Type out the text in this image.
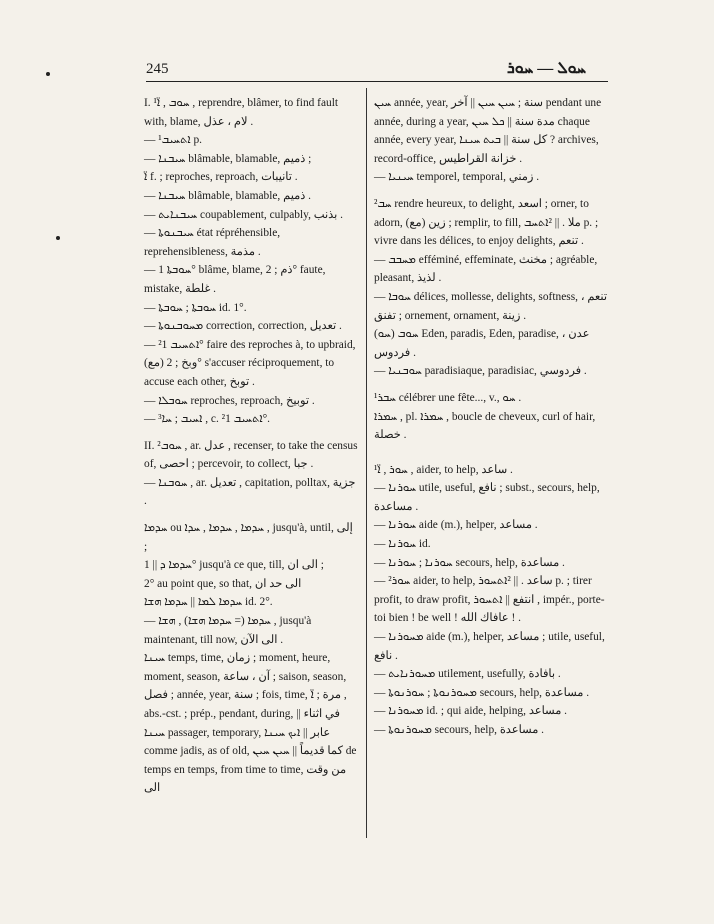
245	ܚܘܠ — ܚܘܪ

I. ¹ܚܘܒ , ܐ̈ , reprendre, blâmer, to find fault with, blame, لام ، عذل .

— ¹ܐܬܚܝܒ p.

— ܚܝܒܢܐ blâmable, blamable, ذميم ;

ܐ̈ f. ; reproches, reproach, تانيبات .

— ܚܝܒܢܐ blâmable, blamable, ذميم .

— ܚܝܒܢܐܝܬ coupablement, culpably, بذنب .

— ܚܝܒܢܘܬܐ état répréhensible, reprehensibleness, مذمة .

— ܚܘܒܬܐ 1° blâme, blame, ذم ; 2° faute, mistake, غلطة .

— ܚܘܒܬܐ ; ܚܘܒܬܐ id. 1°.

— ܡܚܘܒܢܘܬܐ correction, correction, تعديل .

— ²ܐܬܚܝܒ 1° faire des reproches à, to upbraid, (مع) وبخ ; 2° s'accuser réciproquement, to accuse each other, توبخ .

— ܚܘܒܠܐ reproches, reproach, توبيخ .

— ³ܐܚܝܒ ; ܚܐ , c. ²ܐܬܚܝܒ 1°.

II. ²ܚܘܒ , ar. عدل , recenser, to take the census of, احصى ; percevoir, to collect, جبا .

— ܚܘܒܢܐ , ar. تعديل , capitation, polltax, جزية .

ܚܕܡܐ ou ܚܕܡܐ , ܚܕܡܐ , ܚܕܐ , jusqu'à, until, إلى ;

ܚܕܡܐ ܕ || 1° jusqu'à ce que, till, الى ان ;

2° au point que, so that, الى حد ان

ܚܕܡܐ ܠܡܐ || ܚܕܡܐ ܗܫܐ id. 2°.

— ܚܕܡܐ (= ܚܕܡܐ ܗܫܐ) , ܗܫܐ , jusqu'à maintenant, till now, الى الآن .

ܚܝܢܐ temps, time, زمان ; moment, heure, moment, season, آن ، ساعة ; saison, season, فصل ; année, year, سنة ; fois, time, مرة ; ܐ̈ , abs.-cst. ; prép., pendant, during, في اثناء || ܚܝܢܐ passager, temporary, عابر || ܐܝܟ ܚܝܢܐ comme jadis, as of old, كما قديماً || ܚܝܢ ܚܝܢ de temps en temps, from time to time, من وقت الى

ܚܝܢ année, year, سنة ; ܚܝܢ ܚܝܢ || آخر pendant une année, during a year, مدة سنة || ܟܠ ܚܝܢ chaque année, every year, كل سنة || ܒܝܬ ܚܝܢܐ ? archives, record-office, خزانة القراطيس .

— ܚܝܢܝܐ temporel, temporal, زمني .

²ܚܒ rendre heureux, to delight, اسعد ; orner, to adorn, زين (مع) ; remplir, to fill, ملا . || ²ܐܬܚܒ p. ; vivre dans les délices, to enjoy delights, تنعم .

— ܡܚܒܒ efféminé, effeminate, مخنث ; agréable, pleasant, لذيذ .

— ܚܘܒܐ délices, mollesse, delights, softness, تنعم ، تفنق ; ornement, ornament, زينة .

(ܚܘ) ܚܘܒ Eden, paradis, Eden, paradise, عدن ، فردوس .

— ܚܘܒܢܝܐ paradisiaque, paradisiac, فردوسي .

¹ܚܒܪ célébrer une fête..., v., ܚܘ .

ܚܡܪܐ , pl. ܚܡܪܐ , boucle de cheveux, curl of hair, خصلة .

¹ܚܘܪ , ܐ̈ , aider, to help, ساعد .

— ܚܘܪܢܐ utile, useful, نافع ; subst., secours, help, مساعدة .

— ܚܘܪܢܐ aide (m.), helper, مساعد .

— ܚܘܪܢܐ id.

— ܚܘܪܢܐ ; ܚܘܪܢܐ secours, help, مساعدة .

— ²ܚܘܪ aider, to help, ساعد . || ²ܐܬܚܘܪ p. ; tirer profit, to draw profit, انتفع || ܐܬܚܘܪ , impér., porte-toi bien ! be well ! عافاك الله ! .

— ܡܚܘܪܢܐ aide (m.), helper, مساعد ; utile, useful, نافع .

— ܡܚܘܪܢܐܝܬ utilement, usefully, بافادة .

— ܡܚܘܪܢܘܬܐ ; ܚܘܪܢܘܬܐ secours, help, مساعدة .

— ܡܚܘܪܢܐ id. ; qui aide, helping, مساعد .

— ܡܚܘܪܢܘܬܐ secours, help, مساعدة .
